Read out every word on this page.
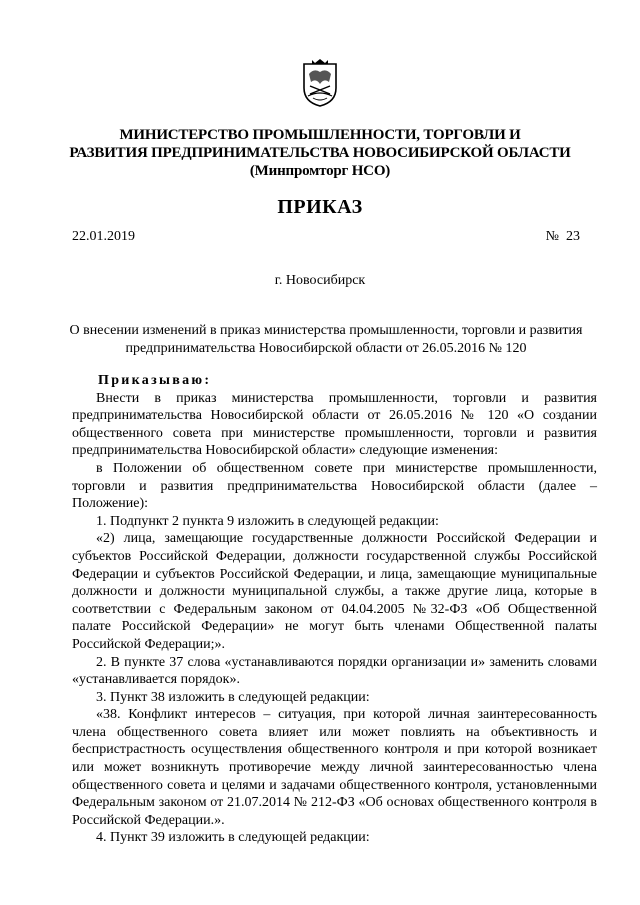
МИНИСТЕРСТВО ПРОМЫШЛЕННОСТИ, ТОРГОВЛИ И
РАЗВИТИЯ ПРЕДПРИНИМАТЕЛЬСТВА НОВОСИБИРСКОЙ ОБЛАСТИ
(Минпромторг НСО)
ПРИКАЗ
22.01.2019	№  23
г. Новосибирск
О внесении изменений в приказ министерства промышленности, торговли и развития предпринимательства Новосибирской области от 26.05.2016 № 120

Приказываю:

Внести в приказ министерства промышленности, торговли и развития предпринимательства Новосибирской области от 26.05.2016 № 120 «О создании общественного совета при министерстве промышленности, торговли и развития предпринимательства Новосибирской области» следующие изменения:

в Положении об общественном совете при министерстве промышленности, торговли и развития предпринимательства Новосибирской области (далее – Положение):

1. Подпункт 2 пункта 9 изложить в следующей редакции:

«2) лица, замещающие государственные должности Российской Федерации и субъектов Российской Федерации, должности государственной службы Российской Федерации и субъектов Российской Федерации, и лица, замещающие муниципальные должности и должности муниципальной службы, а также другие лица, которые в соответствии с Федеральным законом от 04.04.2005 №32-ФЗ «Об Общественной палате Российской Федерации» не могут быть членами Общественной палаты Российской Федерации;».

2. В пункте 37 слова «устанавливаются порядки организации и» заменить словами «устанавливается порядок».

3. Пункт 38 изложить в следующей редакции:

«38. Конфликт интересов – ситуация, при которой личная заинтересованность члена общественного совета влияет или может повлиять на объективность и беспристрастность осуществления общественного контроля и при которой возникает или может возникнуть противоречие между личной заинтересованностью члена общественного совета и целями и задачами общественного контроля, установленными Федеральным законом от 21.07.2014 № 212-ФЗ «Об основах общественного контроля в Российской Федерации.».

4. Пункт 39 изложить в следующей редакции:
